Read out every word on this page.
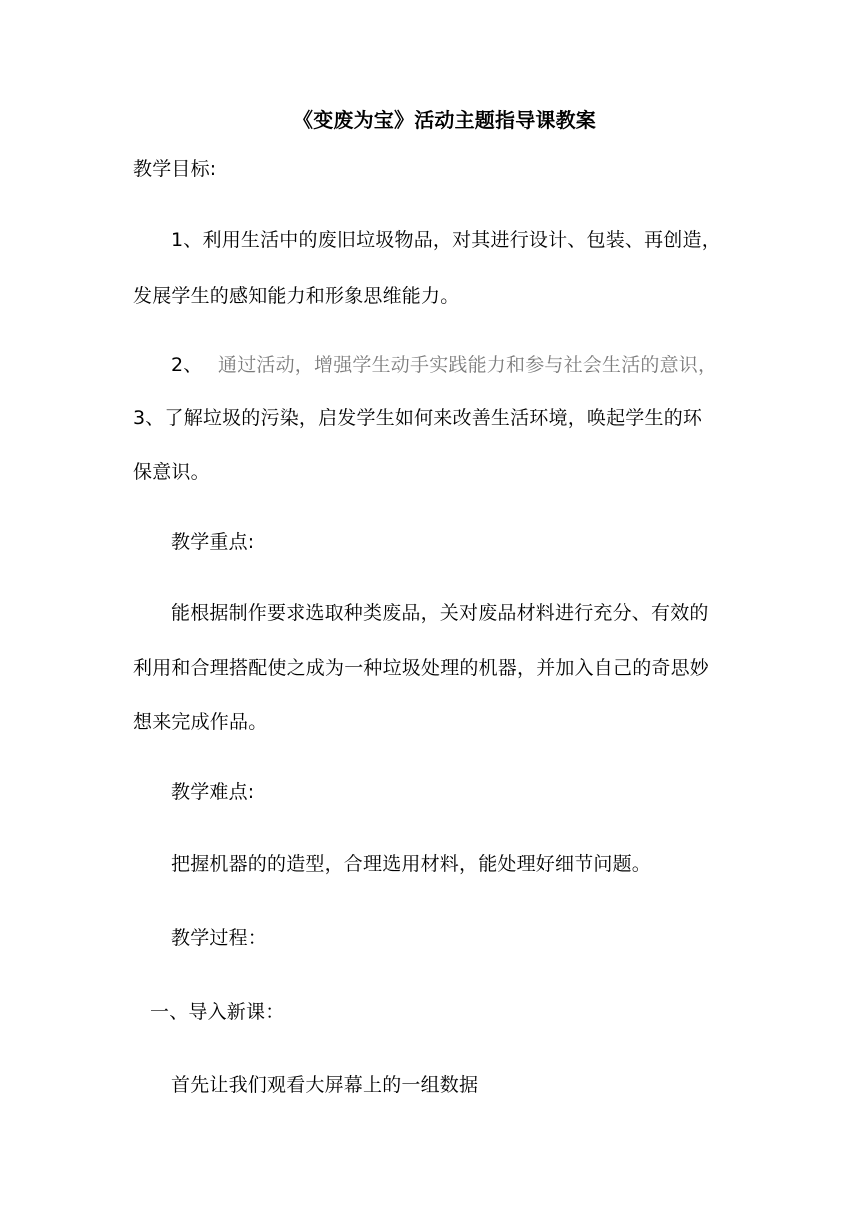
《变废为宝》活动主题指导课教案
教学目标:
1、利用生活中的废旧垃圾物品，对其进行设计、包装、再创造，
发展学生的感知能力和形象思维能力。
2、 通过活动，增强学生动手实践能力和参与社会生活的意识，
3、了解垃圾的污染，启发学生如何来改善生活环境，唤起学生的环
保意识。
教学重点:
能根据制作要求选取种类废品，关对废品材料进行充分、有效的
利用和合理搭配使之成为一种垃圾处理的机器，并加入自己的奇思妙
想来完成作品。
教学难点:
把握机器的的造型，合理选用材料，能处理好细节问题。
教学过程：
一、导入新课：
首先让我们观看大屏幕上的一组数据
